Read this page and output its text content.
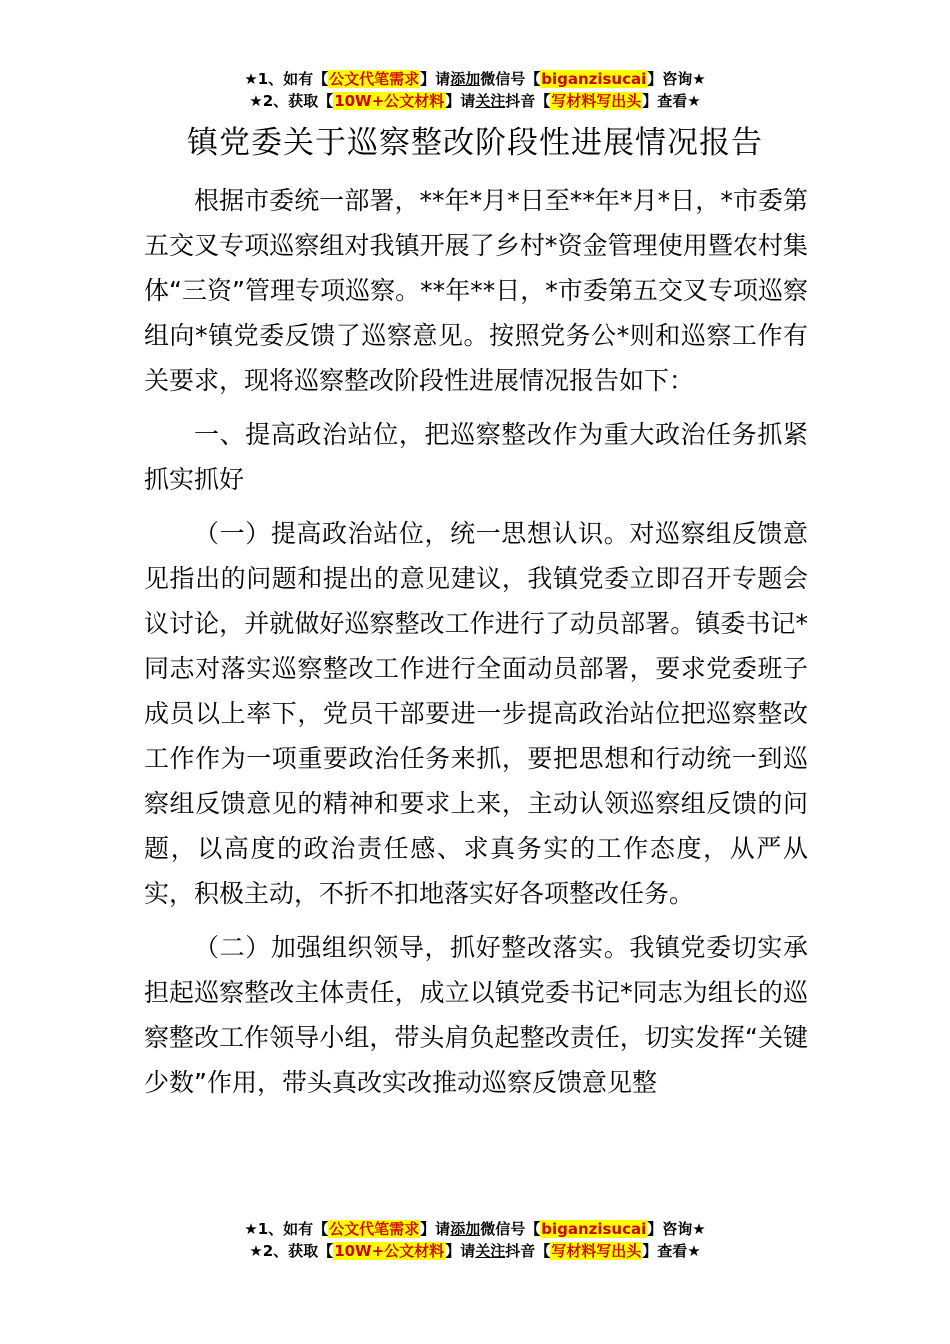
★1、如有【公文代笔需求】请添加微信号【biganzisucai】咨询★
★2、获取【10W+公文材料】请关注抖音【写材料写出头】查看★
镇党委关于巡察整改阶段性进展情况报告

根据市委统一部署，**年*月*日至**年*月*日，*市委第五交叉专项巡察组对我镇开展了乡村*资金管理使用暨农村集体“三资”管理专项巡察。**年**日，*市委第五交叉专项巡察组向*镇党委反馈了巡察意见。按照党务公*则和巡察工作有关要求，现将巡察整改阶段性进展情况报告如下：

一、提高政治站位，把巡察整改作为重大政治任务抓紧抓实抓好

（一）提高政治站位，统一思想认识。对巡察组反馈意见指出的问题和提出的意见建议，我镇党委立即召开专题会议讨论，并就做好巡察整改工作进行了动员部署。镇委书记*同志对落实巡察整改工作进行全面动员部署，要求党委班子成员以上率下，党员干部要进一步提高政治站位把巡察整改工作作为一项重要政治任务来抓，要把思想和行动统一到巡察组反馈意见的精神和要求上来，主动认领巡察组反馈的问题，以高度的政治责任感、求真务实的工作态度，从严从实，积极主动，不折不扣地落实好各项整改任务。

（二）加强组织领导，抓好整改落实。我镇党委切实承担起巡察整改主体责任，成立以镇党委书记*同志为组长的巡察整改工作领导小组，带头肩负起整改责任，切实发挥“关键少数”作用，带头真改实改推动巡察反馈意见整

★1、如有【公文代笔需求】请添加微信号【biganzisucai】咨询★
★2、获取【10W+公文材料】请关注抖音【写材料写出头】查看★
